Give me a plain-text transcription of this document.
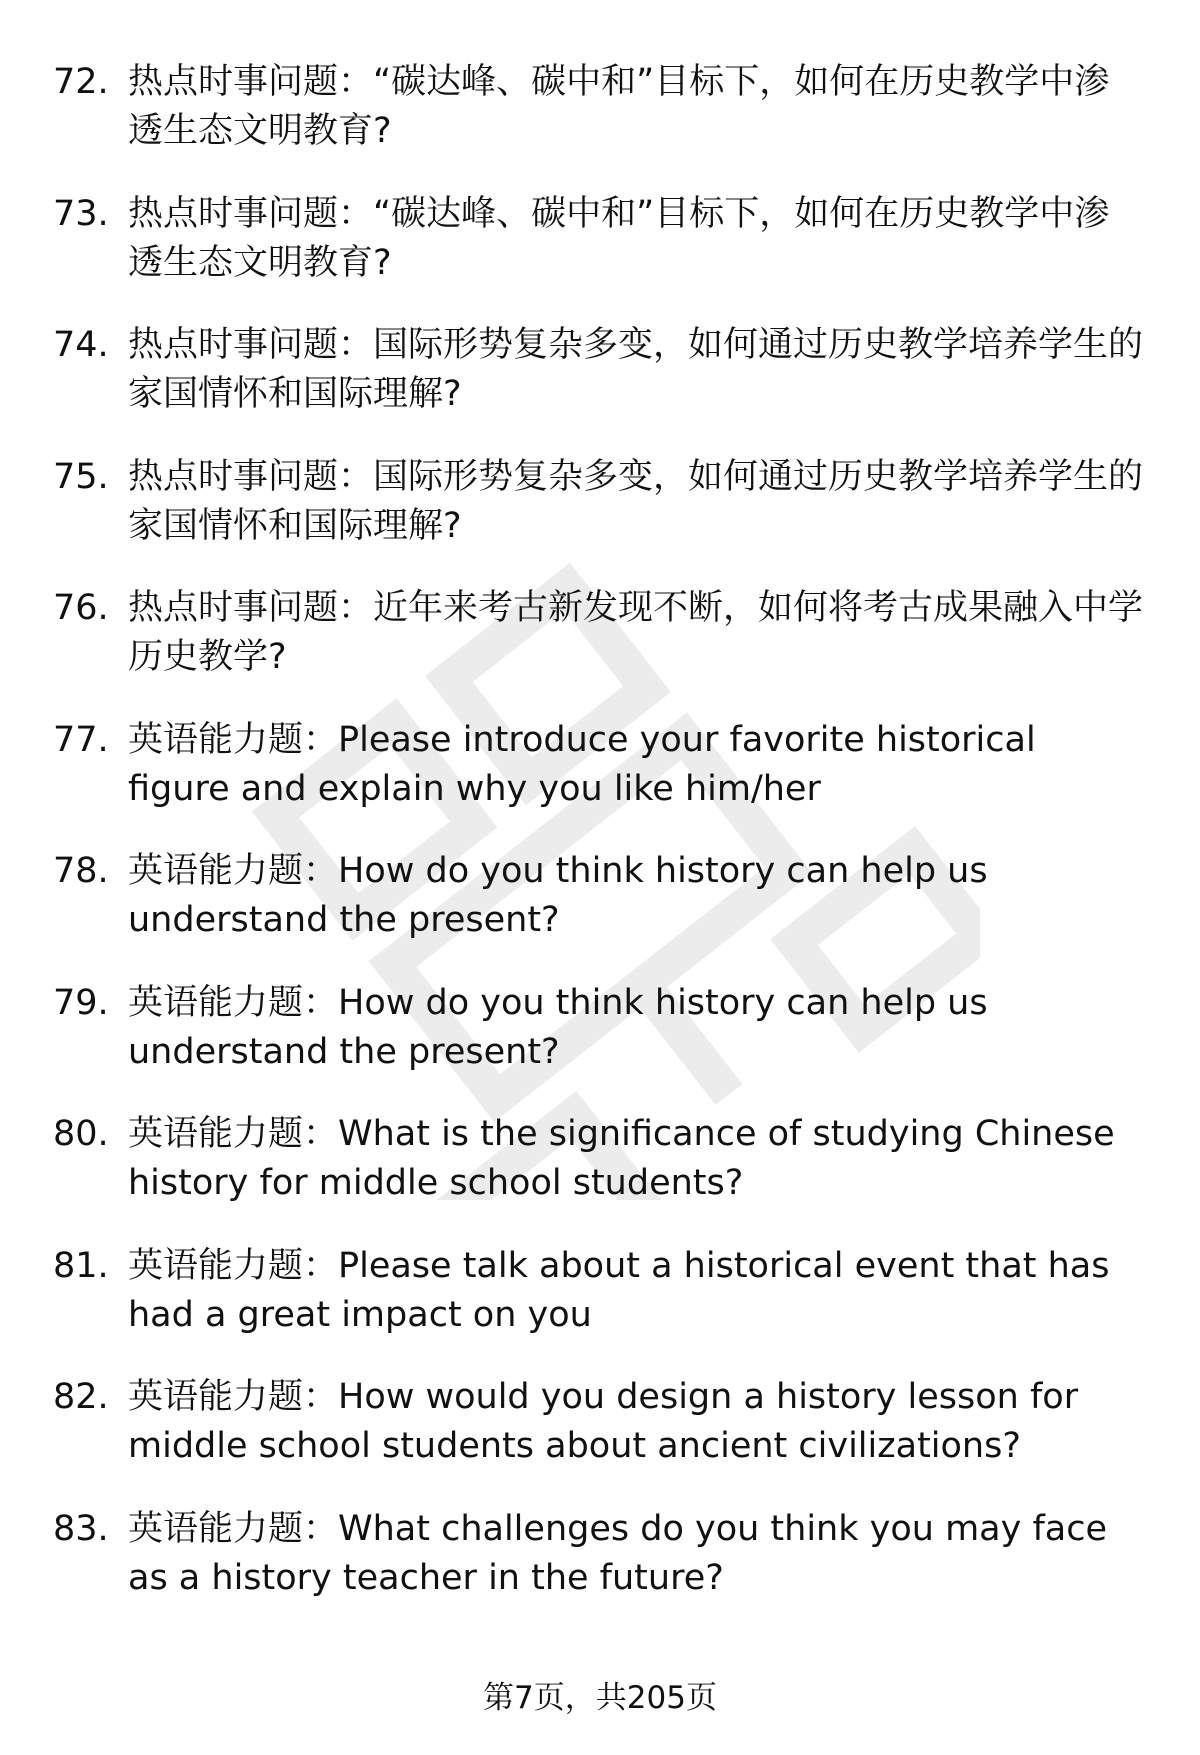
72. 热点时事问题：“碳达峰、碳中和”目标下，如何在历史教学中渗透生态文明教育?

73. 热点时事问题：“碳达峰、碳中和”目标下，如何在历史教学中渗透生态文明教育?

74. 热点时事问题：国际形势复杂多变，如何通过历史教学培养学生的家国情怀和国际理解?

75. 热点时事问题：国际形势复杂多变，如何通过历史教学培养学生的家国情怀和国际理解?

76. 热点时事问题：近年来考古新发现不断，如何将考古成果融入中学历史教学?

77. 英语能力题：Please introduce your favorite historical figure and explain why you like him/her

78. 英语能力题：How do you think history can help us understand the present?

79. 英语能力题：How do you think history can help us understand the present?

80. 英语能力题：What is the significance of studying Chinese history for middle school students?

81. 英语能力题：Please talk about a historical event that has had a great impact on you

82. 英语能力题：How would you design a history lesson for middle school students about ancient civilizations?

83. 英语能力题：What challenges do you think you may face as a history teacher in the future?

第7页，共205页
